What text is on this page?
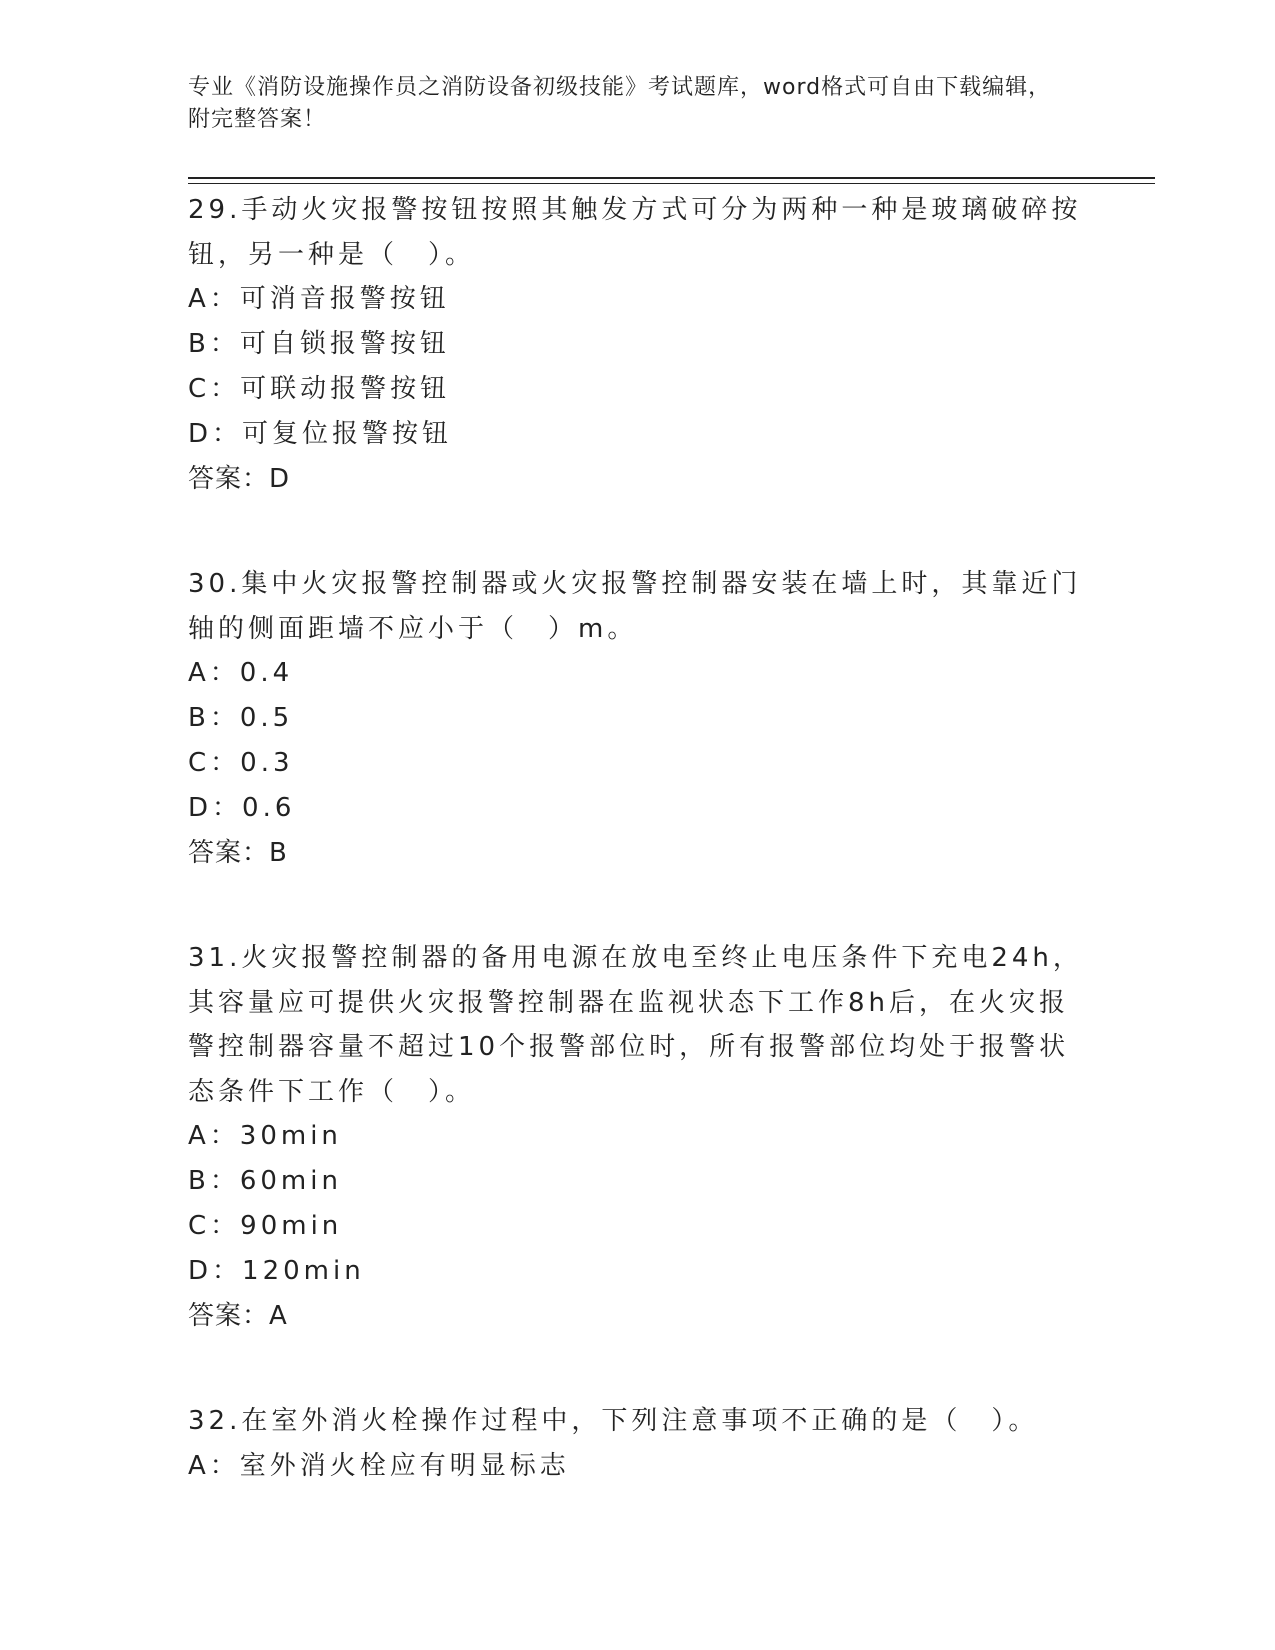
专业《消防设施操作员之消防设备初级技能》考试题库，word格式可自由下载编辑，附完整答案！

29.手动火灾报警按钮按照其触发方式可分为两种一种是玻璃破碎按钮，另一种是（　）。

A：可消音报警按钮

B：可自锁报警按钮

C：可联动报警按钮

D：可复位报警按钮

答案：D

30.集中火灾报警控制器或火灾报警控制器安装在墙上时，其靠近门轴的侧面距墙不应小于（　）m。

A：0.4

B：0.5

C：0.3

D：0.6

答案：B

31.火灾报警控制器的备用电源在放电至终止电压条件下充电24h，其容量应可提供火灾报警控制器在监视状态下工作8h后，在火灾报警控制器容量不超过10个报警部位时，所有报警部位均处于报警状态条件下工作（　）。

A：30min

B：60min

C：90min

D：120min

答案：A

32.在室外消火栓操作过程中，下列注意事项不正确的是（　）。

A：室外消火栓应有明显标志
